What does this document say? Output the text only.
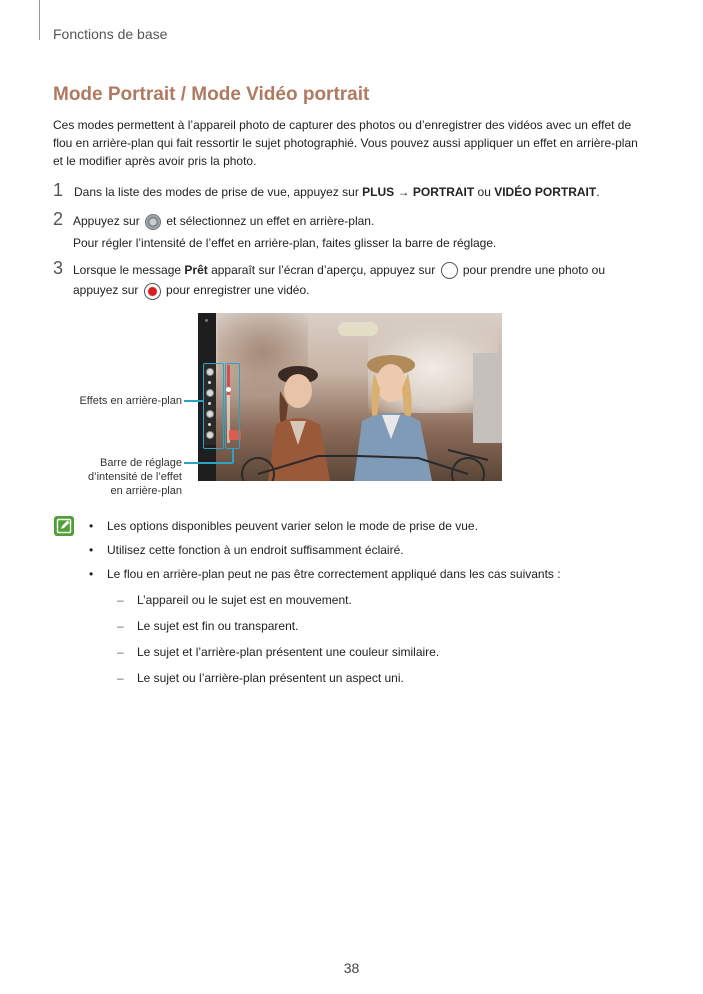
Fonctions de base
Mode Portrait / Mode Vidéo portrait

Ces modes permettent à l’appareil photo de capturer des photos ou d’enregistrer des vidéos avec un effet de flou en arrière-plan qui fait ressortir le sujet photographié. Vous pouvez aussi appliquer un effet en arrière-plan et le modifier après avoir pris la photo.

1 Dans la liste des modes de prise de vue, appuyez sur PLUS → PORTRAIT ou VIDÉO PORTRAIT.
2 Appuyez sur  et sélectionnez un effet en arrière-plan.
Pour régler l’intensité de l’effet en arrière-plan, faites glisser la barre de réglage.
3 Lorsque le message Prêt apparaît sur l’écran d’aperçu, appuyez sur  pour prendre une photo ou
appuyez sur  pour enregistrer une vidéo.
Effets en arrière-plan
Barre de réglage
d’intensité de l’effet
en arrière-plan
• Les options disponibles peuvent varier selon le mode de prise de vue.
• Utilisez cette fonction à un endroit suffisamment éclairé.
• Le flou en arrière-plan peut ne pas être correctement appliqué dans les cas suivants :
– L’appareil ou le sujet est en mouvement.
– Le sujet est fin ou transparent.
– Le sujet et l’arrière-plan présentent une couleur similaire.
– Le sujet ou l’arrière-plan présentent un aspect uni.
38
